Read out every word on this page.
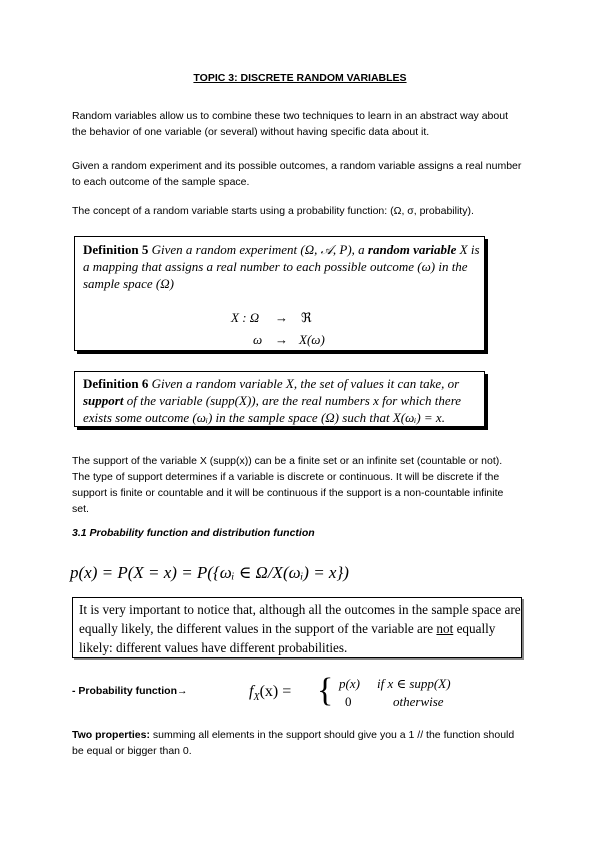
TOPIC 3: DISCRETE RANDOM VARIABLES

Random variables allow us to combine these two techniques to learn in an abstract way about the behavior of one variable (or several) without having specific data about it.

Given a random experiment and its possible outcomes, a random variable assigns a real number to each outcome of the sample space.

The concept of a random variable starts using a probability function: (Ω, σ, probability).

Definition 5 Given a random experiment (Ω, 𝒜, P), a random variable X is a mapping that assigns a real number to each possible outcome (ω) in the sample space (Ω)
X : Ω → ℜ
ω → X(ω)
Definition 6 Given a random variable X, the set of values it can take, or support of the variable (supp(X)), are the real numbers x for which there exists some outcome (ωᵢ) in the sample space (Ω) such that X(ωᵢ) = x.

The support of the variable X (supp(x)) can be a finite set or an infinite set (countable or not). The type of support determines if a variable is discrete or continuous. It will be discrete if the support is finite or countable and it will be continuous if the support is a non-countable infinite set.

3.1 Probability function and distribution function
p(x) = P(X = x) = P({ωᵢ ∈ Ω/X(ωᵢ) = x})
It is very important to notice that, although all the outcomes in the sample space are equally likely, the different values in the support of the variable are not equally likely: different values have different probabilities.
- Probability function→	$f_X(x)$ = { p(x) if x ∈ supp(X)
0	otherwise

Two properties: summing all elements in the support should give you a 1 // the function should be equal or bigger than 0.
